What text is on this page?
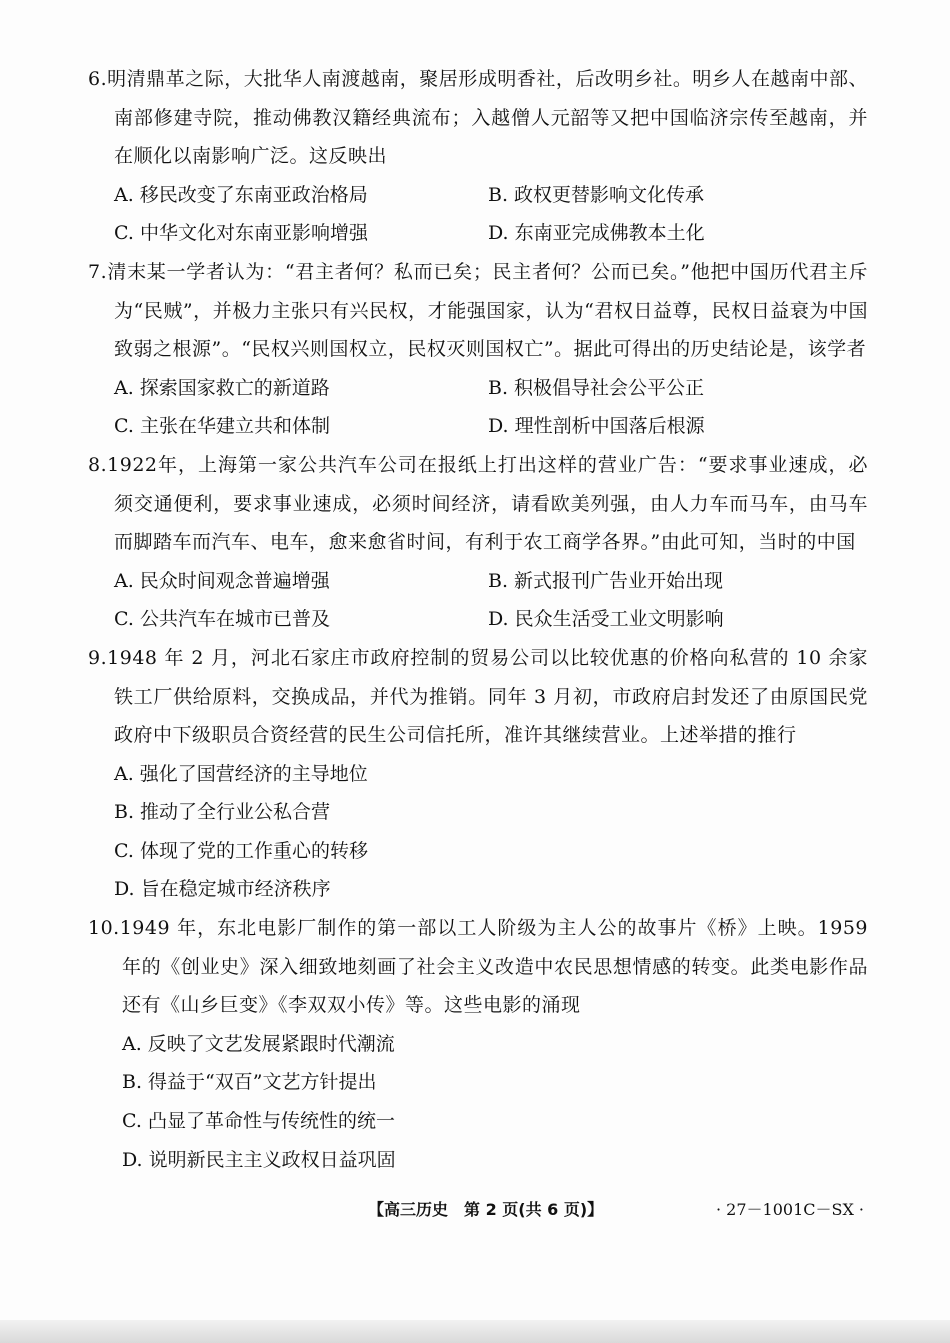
6.明清鼎革之际，大批华人南渡越南，聚居形成明香社，后改明乡社。明乡人在越南中部、南部修建寺院，推动佛教汉籍经典流布；入越僧人元韶等又把中国临济宗传至越南，并在顺化以南影响广泛。这反映出
A. 移民改变了东南亚政治格局	B. 政权更替影响文化传承
C. 中华文化对东南亚影响增强	D. 东南亚完成佛教本土化
7.清末某一学者认为：“君主者何？私而已矣；民主者何？公而已矣。”他把中国历代君主斥为“民贼”，并极力主张只有兴民权，才能强国家，认为“君权日益尊，民权日益衰为中国致弱之根源”。“民权兴则国权立，民权灭则国权亡”。据此可得出的历史结论是，该学者
A. 探索国家救亡的新道路	B. 积极倡导社会公平公正
C. 主张在华建立共和体制	D. 理性剖析中国落后根源
8.1922年，上海第一家公共汽车公司在报纸上打出这样的营业广告：“要求事业速成，必须交通便利，要求事业速成，必须时间经济，请看欧美列强，由人力车而马车，由马车而脚踏车而汽车、电车，愈来愈省时间，有利于农工商学各界。”由此可知，当时的中国
A. 民众时间观念普遍增强	B. 新式报刊广告业开始出现
C. 公共汽车在城市已普及	D. 民众生活受工业文明影响
9.1948 年 2 月，河北石家庄市政府控制的贸易公司以比较优惠的价格向私营的 10 余家铁工厂供给原料，交换成品，并代为推销。同年 3 月初，市政府启封发还了由原国民党政府中下级职员合资经营的民生公司信托所，准许其继续营业。上述举措的推行
A. 强化了国营经济的主导地位
B. 推动了全行业公私合营
C. 体现了党的工作重心的转移
D. 旨在稳定城市经济秩序
10.1949 年，东北电影厂制作的第一部以工人阶级为主人公的故事片《桥》上映。1959 年的《创业史》深入细致地刻画了社会主义改造中农民思想情感的转变。此类电影作品还有《山乡巨变》《李双双小传》等。这些电影的涌现
A. 反映了文艺发展紧跟时代潮流
B. 得益于“双百”文艺方针提出
C. 凸显了革命性与传统性的统一
D. 说明新民主主义政权日益巩固
【高三历史　第 2 页(共 6 页)】	· 27－1001C－SX ·
